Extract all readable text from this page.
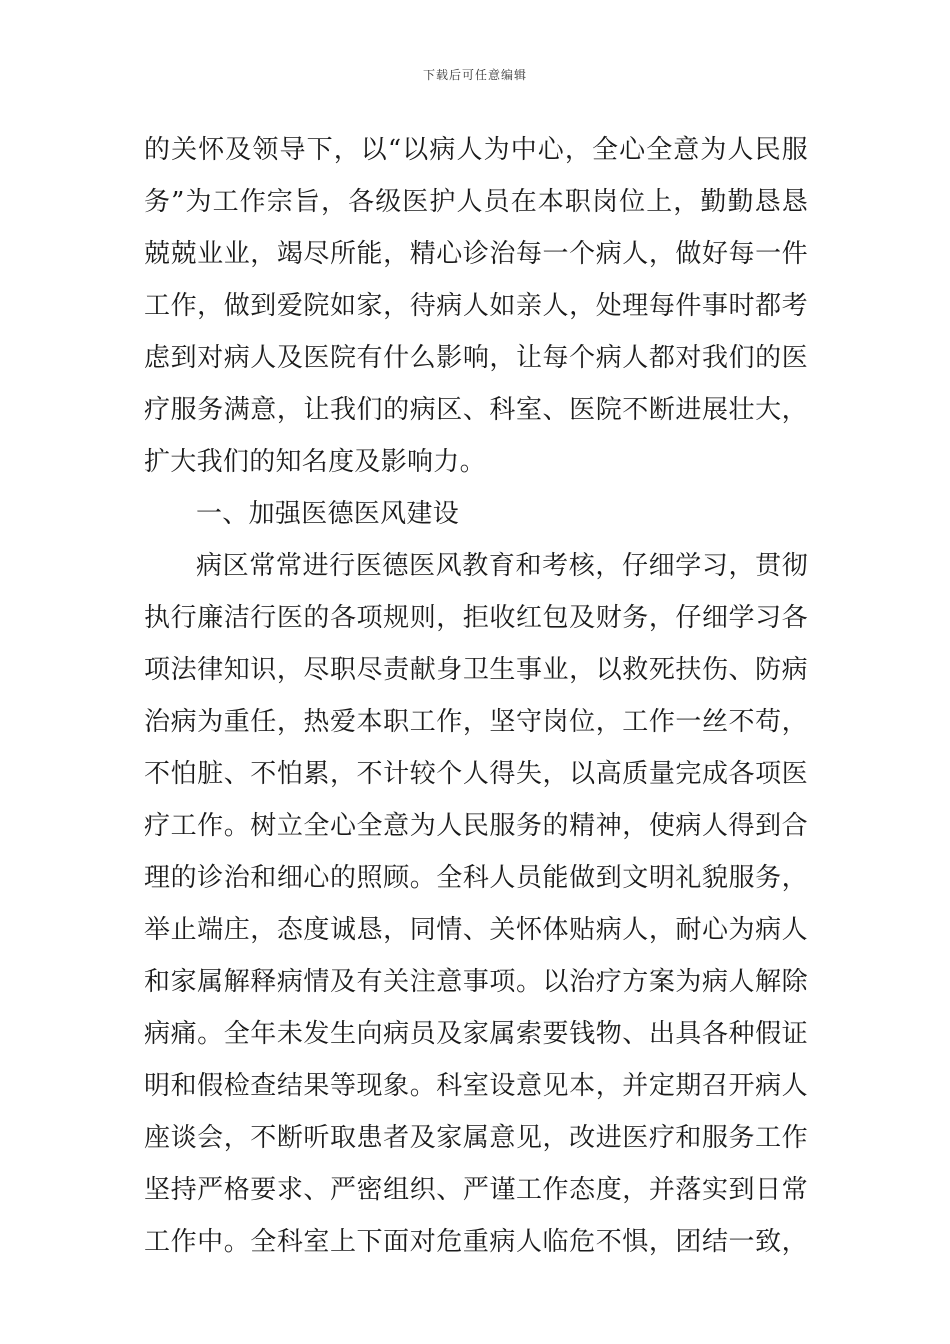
下载后可任意编辑
的关怀及领导下，以“以病人为中心，全心全意为人民服
务”为工作宗旨，各级医护人员在本职岗位上，勤勤恳恳
兢兢业业，竭尽所能，精心诊治每一个病人，做好每一件
工作，做到爱院如家，待病人如亲人，处理每件事时都考
虑到对病人及医院有什么影响，让每个病人都对我们的医
疗服务满意，让我们的病区、科室、医院不断进展壮大，
扩大我们的知名度及影响力。
一、加强医德医风建设
病区常常进行医德医风教育和考核，仔细学习，贯彻
执行廉洁行医的各项规则，拒收红包及财务，仔细学习各
项法律知识，尽职尽责献身卫生事业，以救死扶伤、防病
治病为重任，热爱本职工作，坚守岗位，工作一丝不苟，
不怕脏、不怕累，不计较个人得失，以高质量完成各项医
疗工作。树立全心全意为人民服务的精神，使病人得到合
理的诊治和细心的照顾。全科人员能做到文明礼貌服务，
举止端庄，态度诚恳，同情、关怀体贴病人，耐心为病人
和家属解释病情及有关注意事项。以治疗方案为病人解除
病痛。全年未发生向病员及家属索要钱物、出具各种假证
明和假检查结果等现象。科室设意见本，并定期召开病人
座谈会，不断听取患者及家属意见，改进医疗和服务工作
坚持严格要求、严密组织、严谨工作态度，并落实到日常
工作中。全科室上下面对危重病人临危不惧，团结一致，
